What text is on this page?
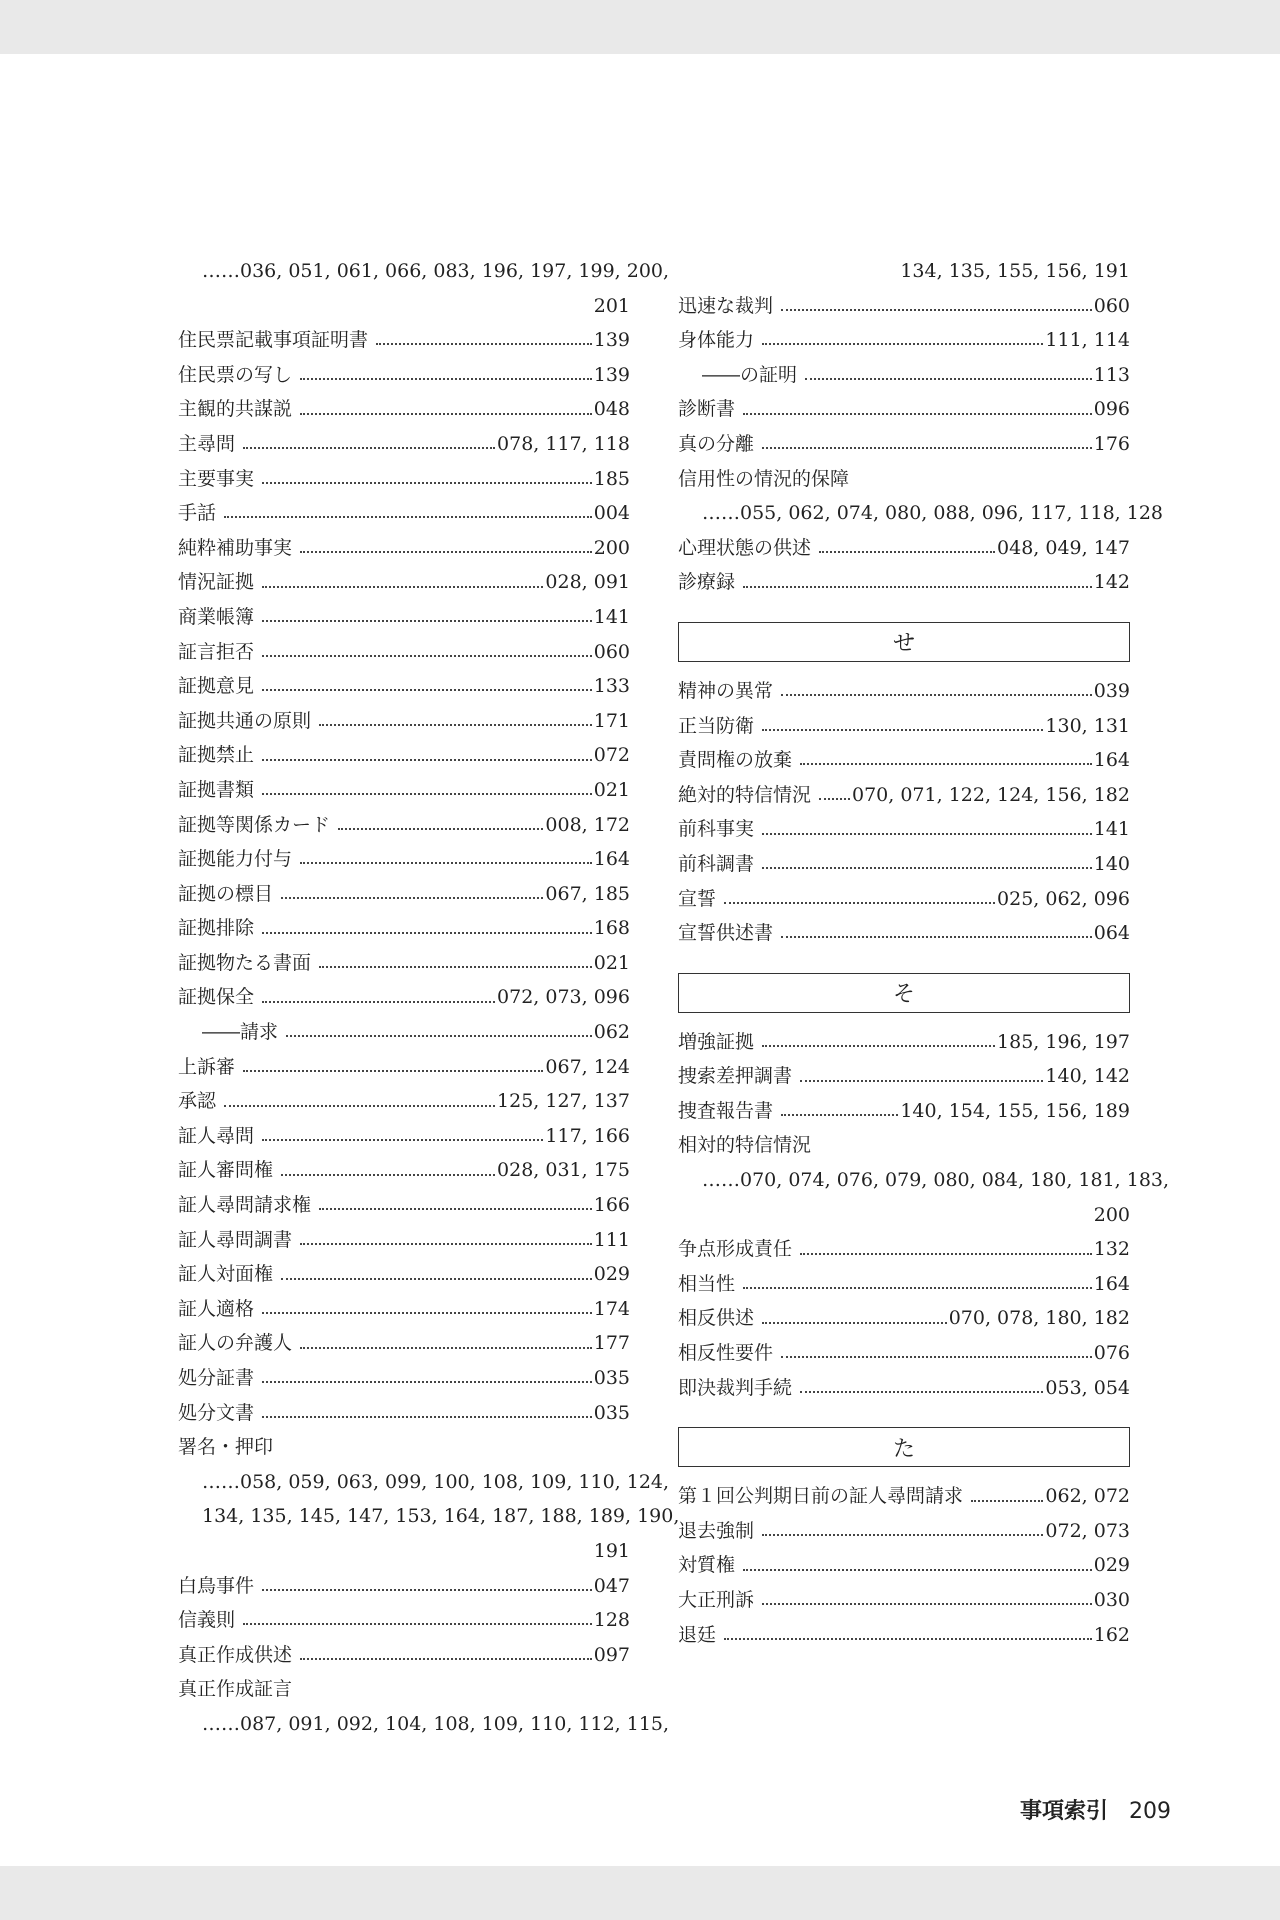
……036, 051, 061, 066, 083, 196, 197, 199, 200,
201
住民票記載事項証明書	139
住民票の写し	139
主観的共謀説	048
主尋問	078, 117, 118
主要事実	185
手話	004
純粋補助事実	200
情況証拠	028, 091
商業帳簿	141
証言拒否	060
証拠意見	133
証拠共通の原則	171
証拠禁止	072
証拠書類	021
証拠等関係カード	008, 172
証拠能力付与	164
証拠の標目	067, 185
証拠排除	168
証拠物たる書面	021
証拠保全	072, 073, 096
――請求	062
上訴審	067, 124
承認	125, 127, 137
証人尋問	117, 166
証人審問権	028, 031, 175
証人尋問請求権	166
証人尋問調書	111
証人対面権	029
証人適格	174
証人の弁護人	177
処分証書	035
処分文書	035
署名・押印
……058, 059, 063, 099, 100, 108, 109, 110, 124,
134, 135, 145, 147, 153, 164, 187, 188, 189, 190,
191
白鳥事件	047
信義則	128
真正作成供述	097
真正作成証言
……087, 091, 092, 104, 108, 109, 110, 112, 115,
134, 135, 155, 156, 191
迅速な裁判	060
身体能力	111, 114
――の証明	113
診断書	096
真の分離	176
信用性の情況的保障
……055, 062, 074, 080, 088, 096, 117, 118, 128
心理状態の供述	048, 049, 147
診療録	142
せ
精神の異常	039
正当防衛	130, 131
責問権の放棄	164
絶対的特信情況 070, 071, 122, 124, 156, 182
前科事実	141
前科調書	140
宣誓	025, 062, 096
宣誓供述書	064
そ
増強証拠	185, 196, 197
捜索差押調書	140, 142
捜査報告書	140, 154, 155, 156, 189
相対的特信情況
……070, 074, 076, 079, 080, 084, 180, 181, 183,
200
争点形成責任	132
相当性	164
相反供述	070, 078, 180, 182
相反性要件	076
即決裁判手続	053, 054
た
第１回公判期日前の証人尋問請求	062, 072
退去強制	072, 073
対質権	029
大正刑訴	030
退廷	162
事項索引 209
